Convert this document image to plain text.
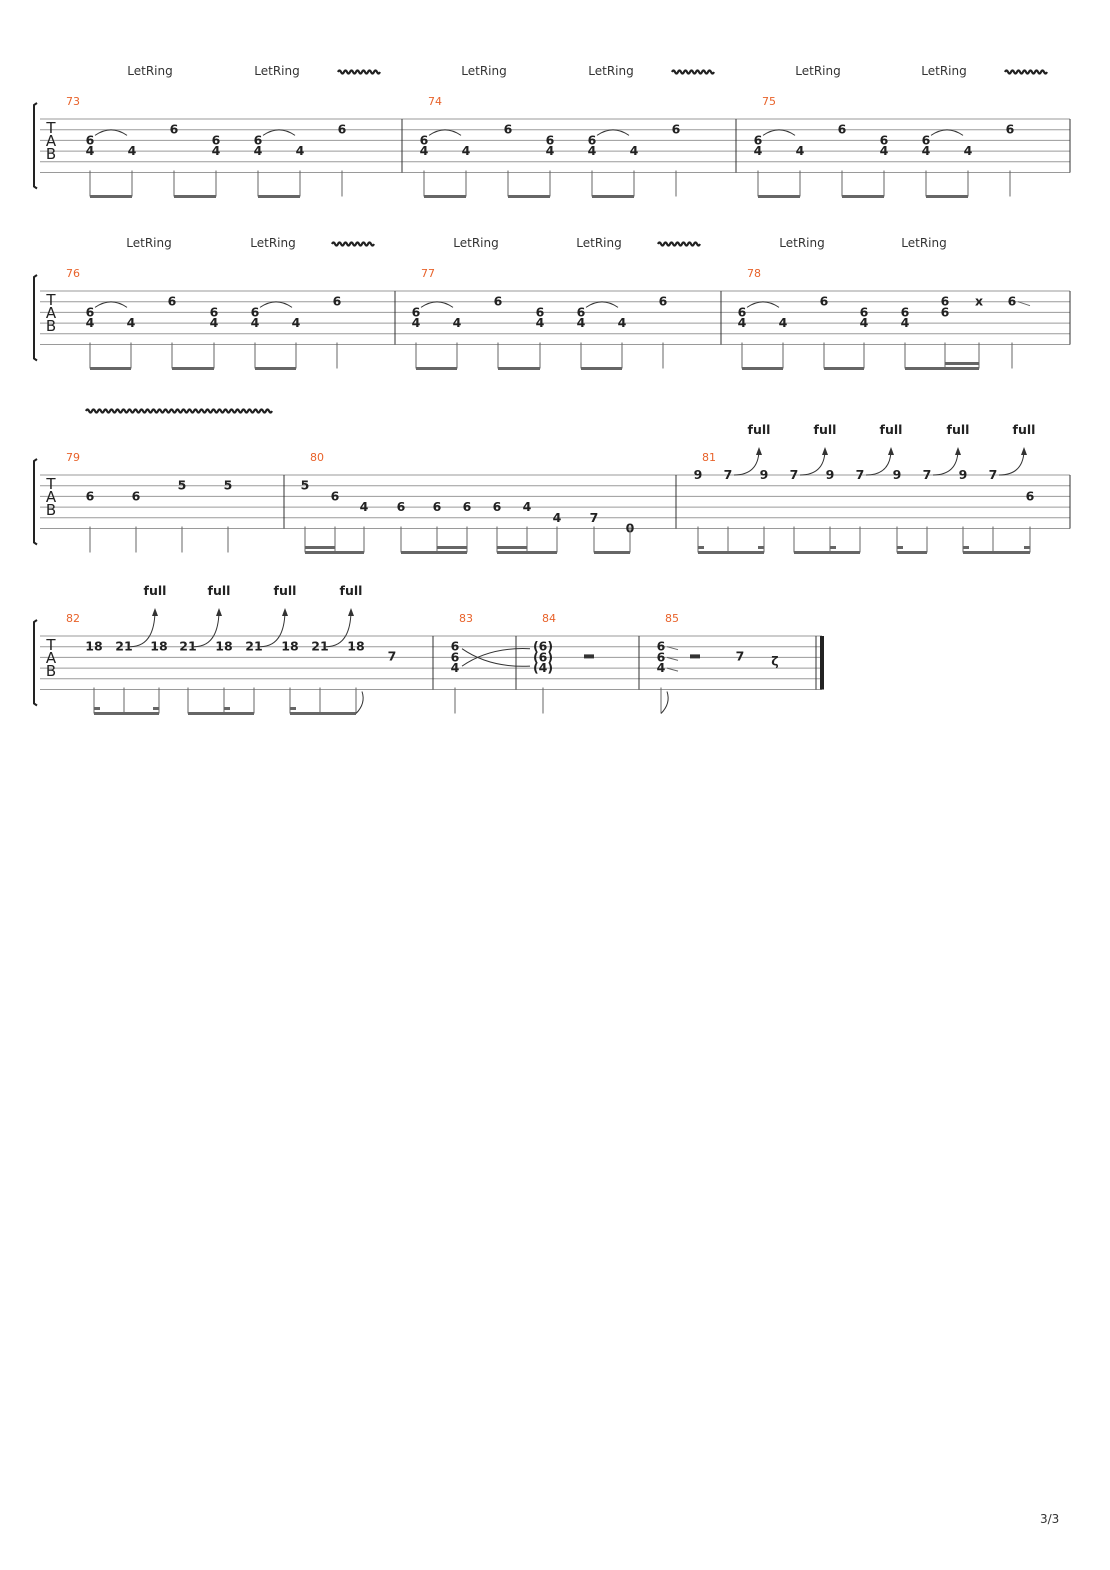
T
A
B
LetRing	LetRing	LetRing	LetRing	LetRing	LetRing
73
6
4	4
6
6
4
6
4	4
6
74
6
4	4
6
6
4
6
4	4
6
75
6
4	4
6
6
4
6
4	4
6
T
A
B
LetRing	LetRing	LetRing	LetRing	LetRing	LetRing
76
6
4	4
6
6
4
6
4	4
6
77
6
4	4
6
6
4
6
4	4
6
78
6
4	4
6
6
4
6
4
6
6
x 6
T
A
B
79
6	6
5	5
80
5
6
4 6 6 6 6 4
4 7
0
81
9 7
full
9 7
full
9 7
full
9 7
full
9 7
full
6
T
A
B
82
18 21
full
18 21
full
18 21
full
18 21
full
18
7
83
6
6
4
84
(6)
(6)
(4)
85
6
6
4
7 ζ
3/3
